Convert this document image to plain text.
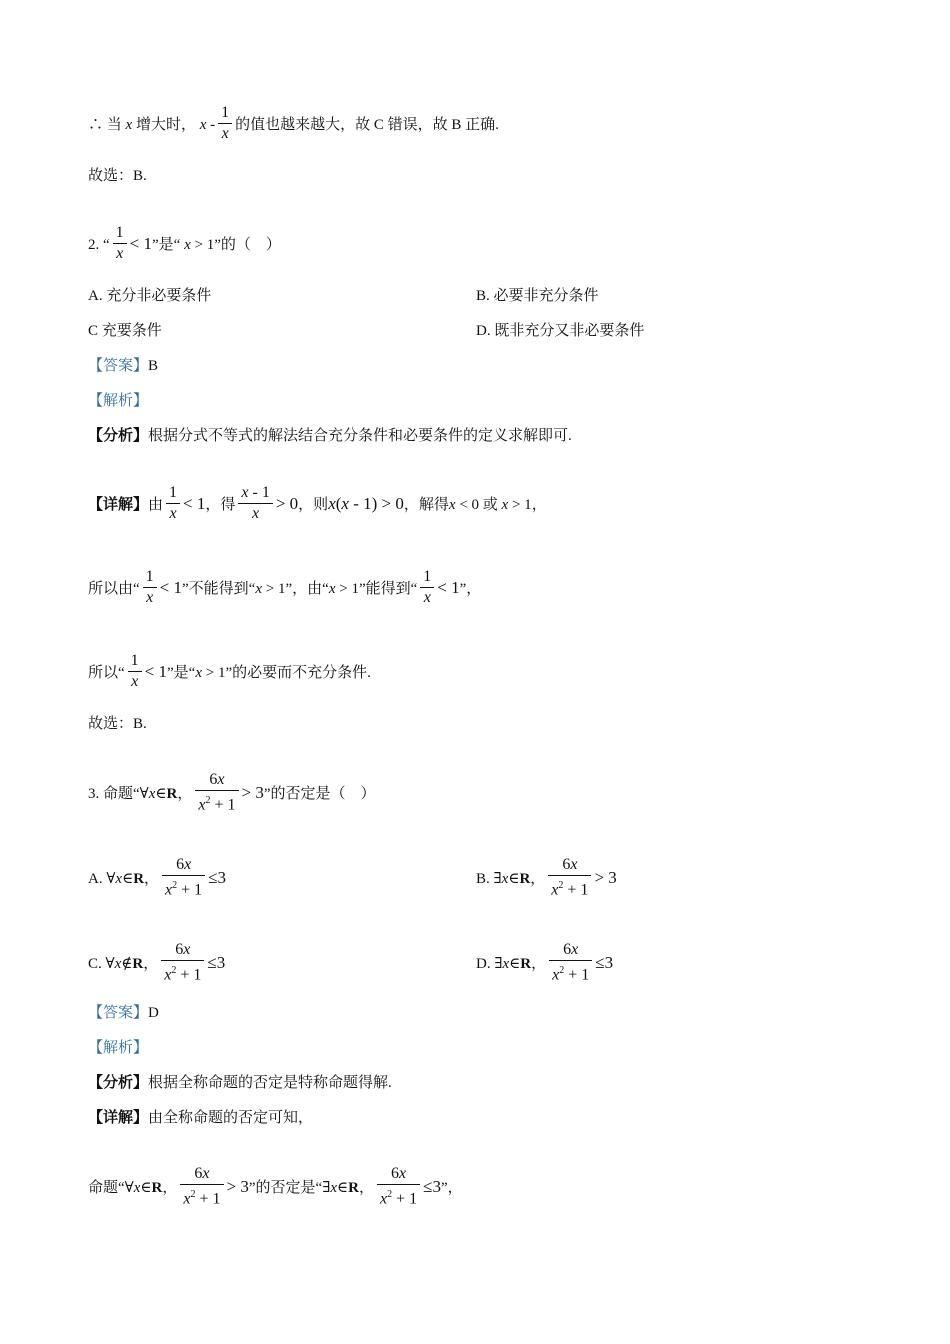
∴ 当 x 增大时， x - $\frac{1}{x}$ 的值也越来越大，故 C 错误，故 B 正确.
故选：B.
2. “ $\frac{1}{x} < 1$”是“ x > 1”的（　）
A. 充分非必要条件	B. 必要非充分条件
C 充要条件	D. 既非充分又非必要条件
【答案】B
【解析】
【分析】根据分式不等式的解法结合充分条件和必要条件的定义求解即可.
【详解】由 $\frac{1}{x} < 1$，得 $\frac{x - 1}{x} > 0$，则x(x - 1) > 0，解得x < 0 或 x > 1，
所以由“ $\frac{1}{x} < 1$”不能得到“x > 1”，由“x > 1”能得到“ $\frac{1}{x} < 1$”，
所以“ $\frac{1}{x} < 1$”是“x > 1”的必要而不充分条件.
故选：B.
3. 命题“∀x∈R， $\frac{6x}{x^2 + 1} > 3$”的否定是（　）
A. ∀x∈R， $\frac{6x}{x^2 + 1} \le 3$	B. ∃x∈R， $\frac{6x}{x^2 + 1} > 3$
C. ∀x∉R， $\frac{6x}{x^2 + 1} \le 3$	D. ∃x∈R， $\frac{6x}{x^2 + 1} \le 3$
【答案】D
【解析】
【分析】根据全称命题的否定是特称命题得解.
【详解】由全称命题的否定可知，
命题“∀x∈R， $\frac{6x}{x^2 + 1} > 3$”的否定是“∃x∈R， $\frac{6x}{x^2 + 1} \le 3$”，
